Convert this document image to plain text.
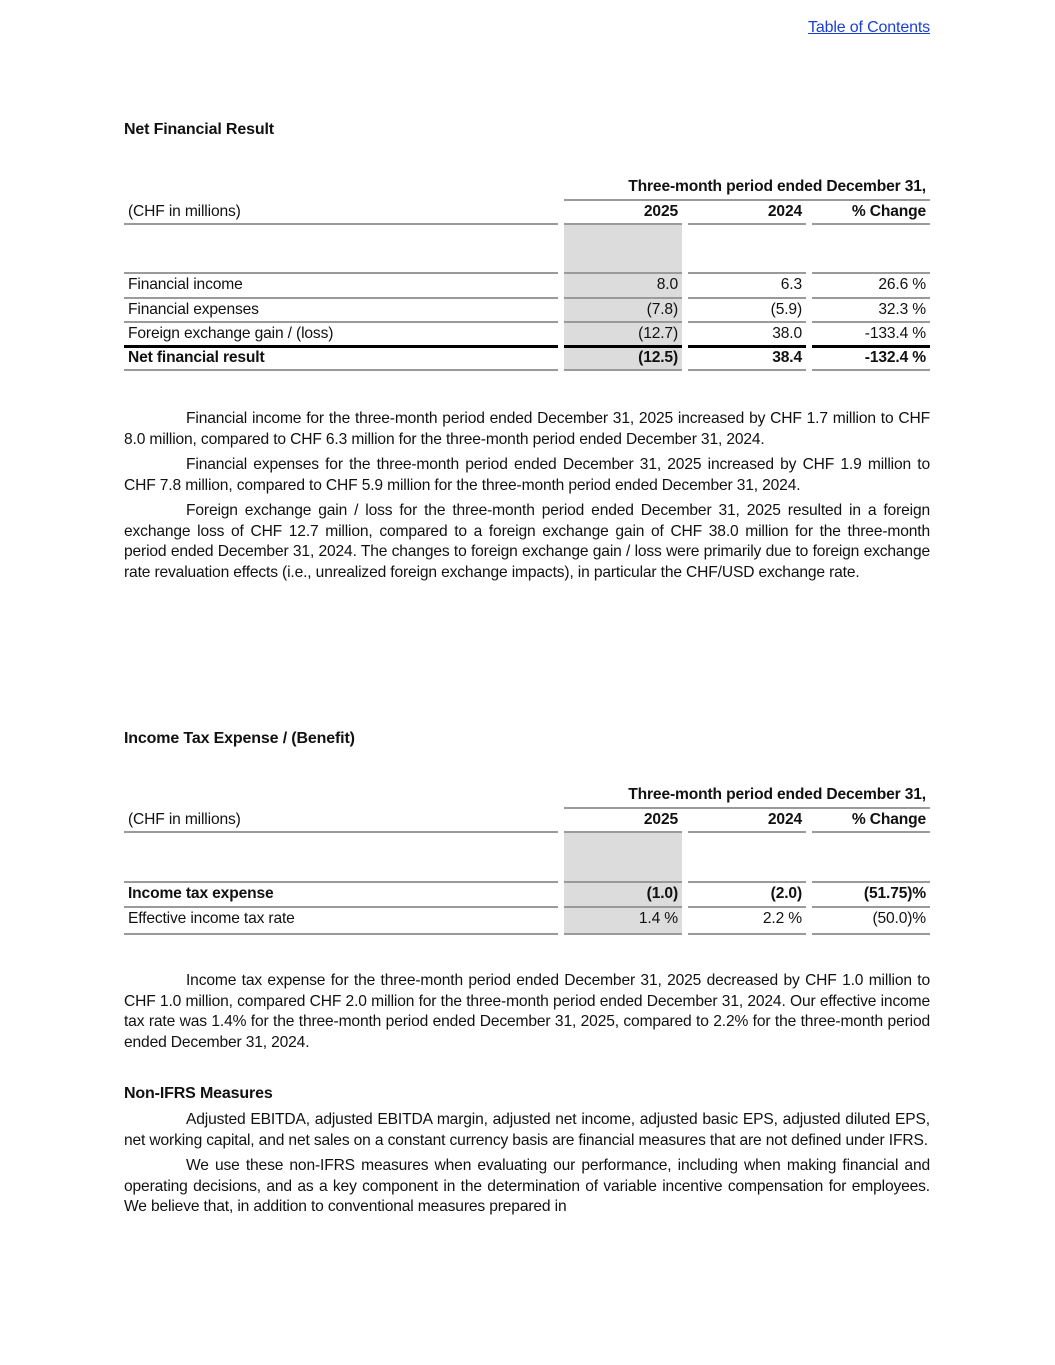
Table of Contents
Net Financial Result
Three-month period ended December 31,
(CHF in millions)	2025	2024	% Change
Financial income	8.0	6.3	26.6 %
Financial expenses	(7.8)	(5.9)	32.3 %
Foreign exchange gain / (loss)	(12.7)	38.0	-133.4 %
Net financial result	(12.5)	38.4	-132.4 %

Financial income for the three-month period ended December 31, 2025 increased by CHF 1.7 million to CHF 8.0 million, compared to CHF 6.3 million for the three-month period ended December 31, 2024.

Financial expenses for the three-month period ended December 31, 2025 increased by CHF 1.9 million to CHF 7.8 million, compared to CHF 5.9 million for the three-month period ended December 31, 2024.

Foreign exchange gain / loss for the three-month period ended December 31, 2025 resulted in a foreign exchange loss of CHF 12.7 million, compared to a foreign exchange gain of CHF 38.0 million for the three-month period ended December 31, 2024. The changes to foreign exchange gain / loss were primarily due to foreign exchange rate revaluation effects (i.e., unrealized foreign exchange impacts), in particular the CHF/USD exchange rate.

Income Tax Expense / (Benefit)
Three-month period ended December 31,
(CHF in millions)	2025	2024	% Change
Income tax expense	(1.0)	(2.0)	(51.75)%
Effective income tax rate	1.4 %	2.2 %	(50.0)%

Income tax expense for the three-month period ended December 31, 2025 decreased by CHF 1.0 million to CHF 1.0 million, compared CHF 2.0 million for the three-month period ended December 31, 2024. Our effective income tax rate was 1.4% for the three-month period ended December 31, 2025, compared to 2.2% for the three-month period ended December 31, 2024.

Non-IFRS Measures

Adjusted EBITDA, adjusted EBITDA margin, adjusted net income, adjusted basic EPS, adjusted diluted EPS, net working capital, and net sales on a constant currency basis are financial measures that are not defined under IFRS.

We use these non-IFRS measures when evaluating our performance, including when making financial and operating decisions, and as a key component in the determination of variable incentive compensation for employees. We believe that, in addition to conventional measures prepared in
